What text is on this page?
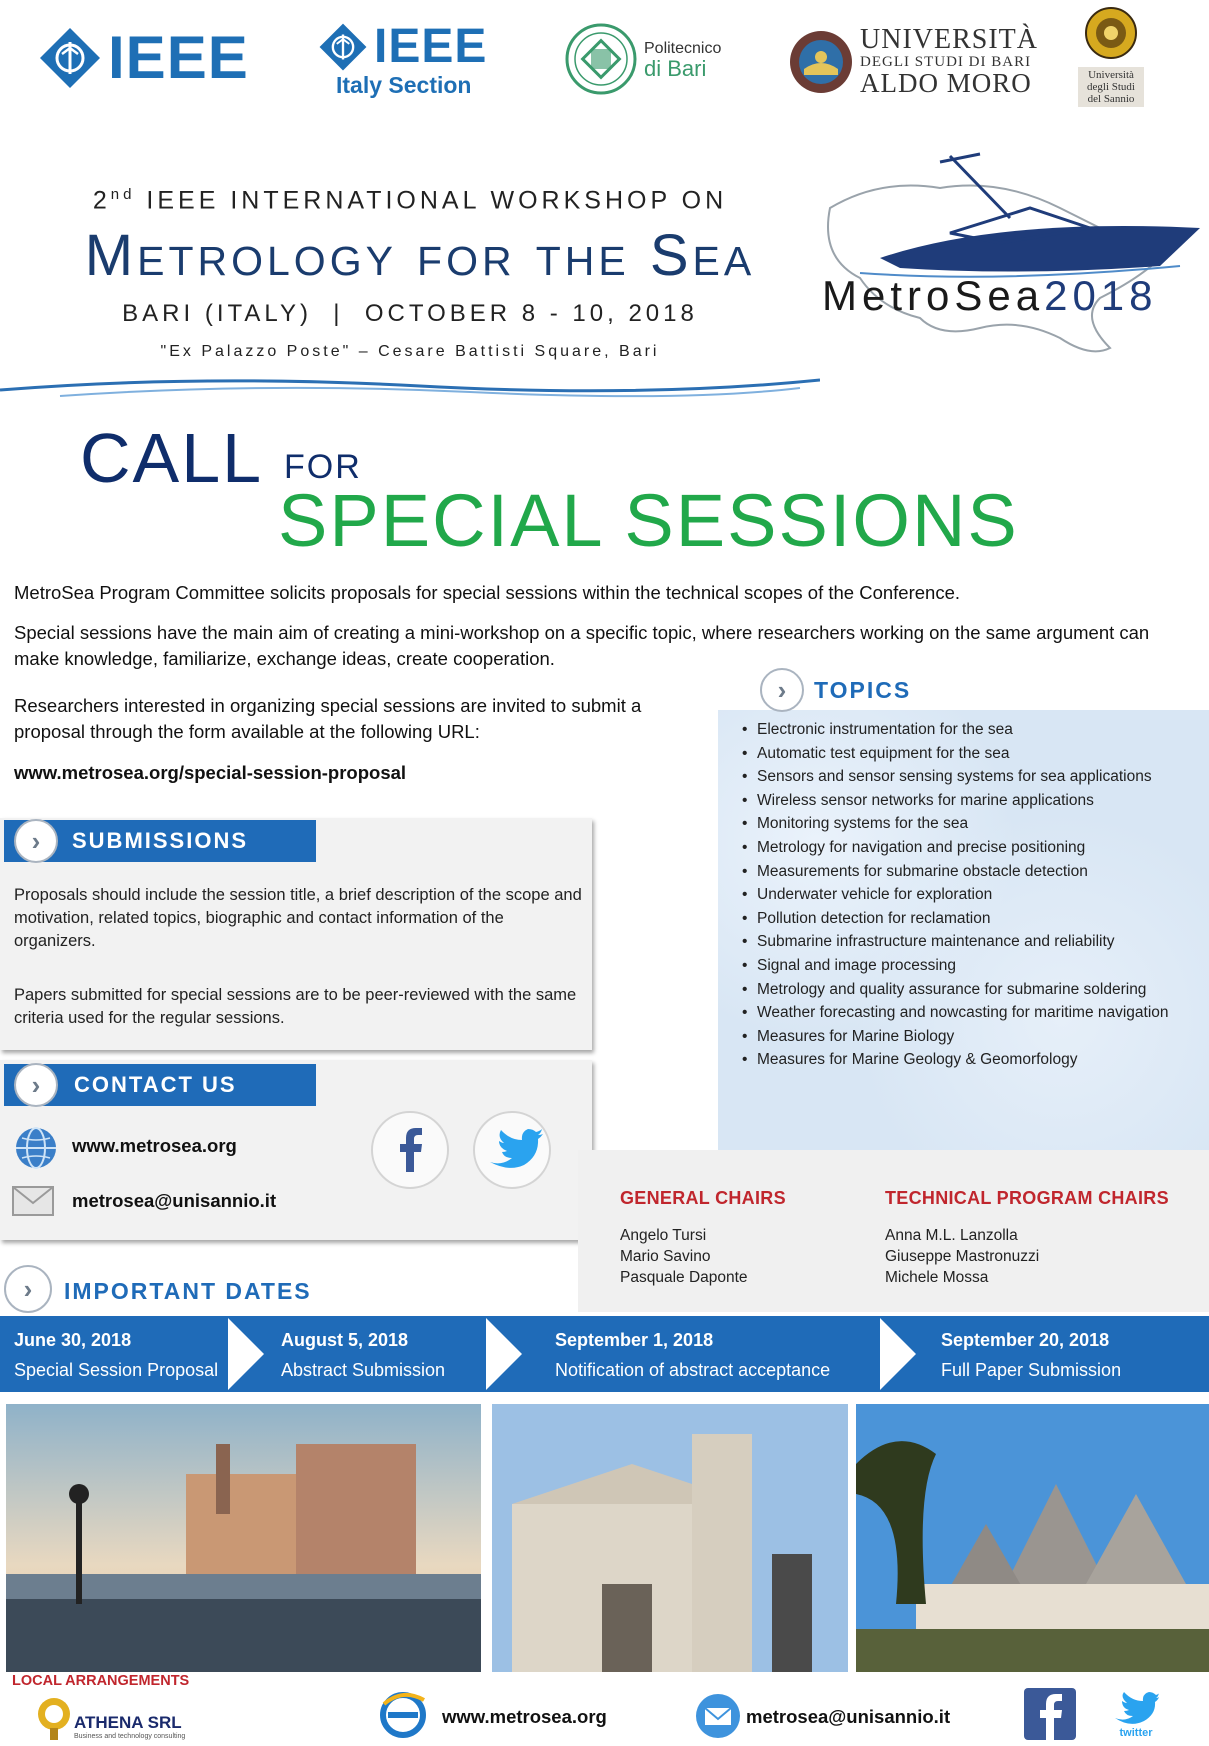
IEEE	IEEE
Italy Section
Politecnico
di Bari
UNIVERSITÀ
DEGLI STUDI DI BARI
ALDO MORO	Università
degli Studi
del Sannio
2nd IEEE INTERNATIONAL WORKSHOP ON
Metrology for the Sea
BARI (ITALY)  |  OCTOBER 8 - 10, 2018
"Ex Palazzo Poste" – Cesare Battisti Square, Bari
MetroSea2018
CALL FOR
SPECIAL SESSIONS
MetroSea Program Committee solicits proposals for special sessions within the technical scopes of the Conference.
Special sessions have the main aim of creating a mini-workshop on a specific topic, where researchers working on the same argument can make knowledge, familiarize, exchange ideas, create cooperation.
Researchers interested in organizing special sessions are invited to submit a proposal through the form available at the following URL:
www.metrosea.org/special-session-proposal
›	TOPICS
• Electronic instrumentation for the sea
• Automatic test equipment for the sea
• Sensors and sensor sensing systems for sea applications
• Wireless sensor networks for marine applications
• Monitoring systems for the sea
• Metrology for navigation and precise positioning
• Measurements for submarine obstacle detection
• Underwater vehicle for exploration
• Pollution detection for reclamation
• Submarine infrastructure maintenance and reliability
• Signal and image processing
• Metrology and quality assurance for submarine soldering
• Weather forecasting and nowcasting for maritime navigation
• Measures for Marine Biology
• Measures for Marine Geology & Geomorfology
SUBMISSIONS
›
Proposals should include the session title, a brief description of the scope and motivation, related topics, biographic and contact information of the organizers.
Papers submitted for special sessions are to be peer-reviewed with the same criteria used for the regular sessions.
CONTACT US
›
www.metrosea.org
metrosea@unisannio.it	GENERAL CHAIRS
Angelo Tursi
Mario Savino
Pasquale Daponte
TECHNICAL PROGRAM CHAIRS
Anna M.L. Lanzolla
Giuseppe Mastronuzzi
Michele Mossa
›	IMPORTANT DATES
June 30, 2018
Special Session Proposal
August 5, 2018
Abstract Submission
September 1, 2018
Notification of abstract acceptance
September 20, 2018
Full Paper Submission
LOCAL ARRANGEMENTS
ATHENA SRL
Business and technology consulting
www.metrosea.org	metrosea@unisannio.it
twitter
